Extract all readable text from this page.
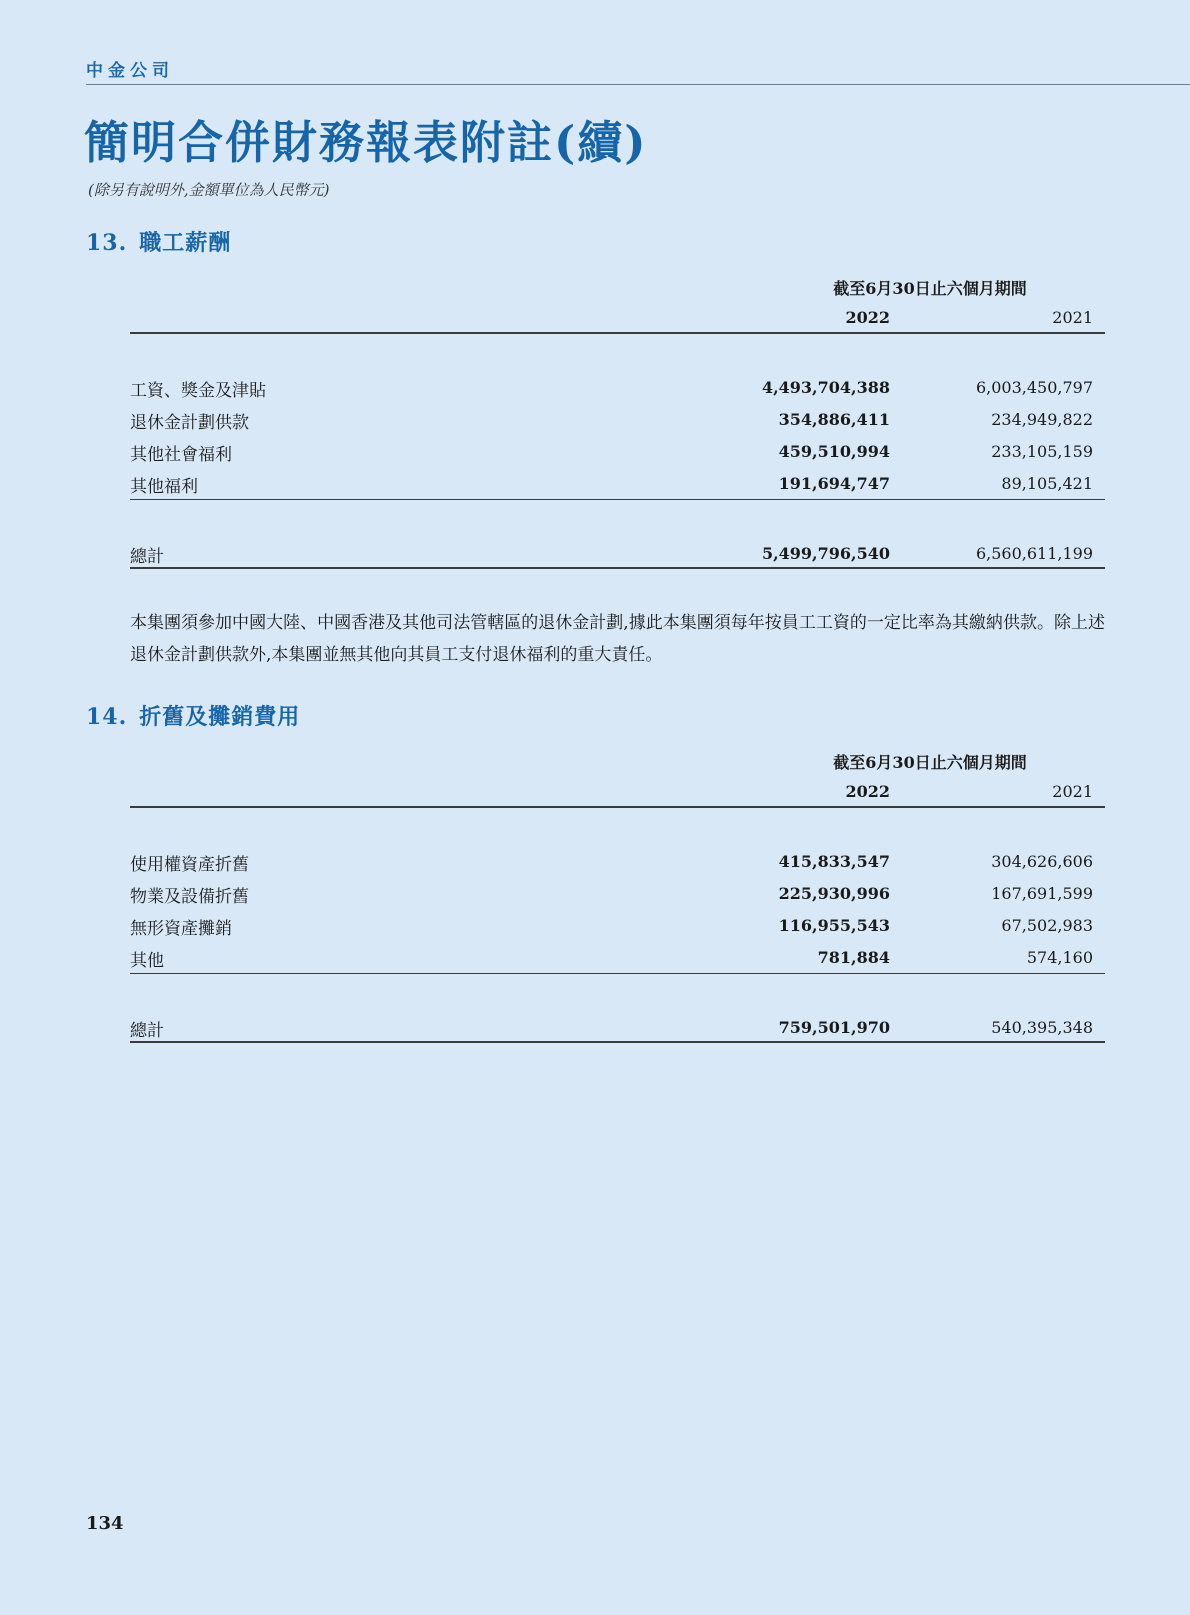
中金公司
簡明合併財務報表附註(續)
(除另有說明外,金額單位為人民幣元)
13. 職工薪酬
截至6月30日止六個月期間
2022	2021
工資、獎金及津貼	4,493,704,388	6,003,450,797
退休金計劃供款	354,886,411	234,949,822
其他社會福利	459,510,994	233,105,159
其他福利	191,694,747	89,105,421
總計	5,499,796,540	6,560,611,199
本集團須參加中國大陸、中國香港及其他司法管轄區的退休金計劃,據此本集團須每年按員工工資的一定比率為其繳納供款。除上述退休金計劃供款外,本集團並無其他向其員工支付退休福利的重大責任。
14. 折舊及攤銷費用
截至6月30日止六個月期間
2022	2021
使用權資產折舊	415,833,547	304,626,606
物業及設備折舊	225,930,996	167,691,599
無形資產攤銷	116,955,543	67,502,983
其他	781,884	574,160
總計	759,501,970	540,395,348
134
